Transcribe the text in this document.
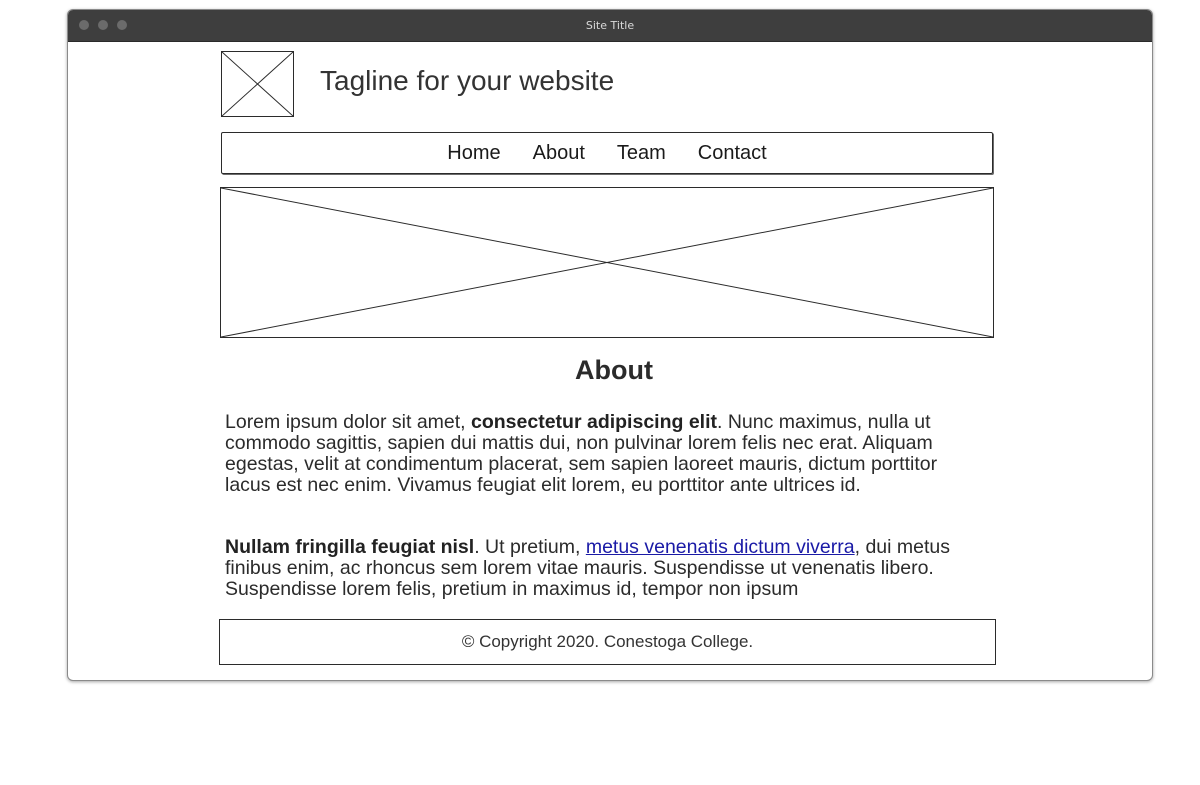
Site Title
Tagline for your website
Home About Team Contact
About

Lorem ipsum dolor sit amet, consectetur adipiscing elit. Nunc maximus, nulla ut commodo sagittis, sapien dui mattis dui, non pulvinar lorem felis nec erat. Aliquam egestas, velit at condimentum placerat, sem sapien laoreet mauris, dictum porttitor lacus est nec enim. Vivamus feugiat elit lorem, eu porttitor ante ultrices id.

Nullam fringilla feugiat nisl. Ut pretium, metus venenatis dictum viverra, dui metus finibus enim, ac rhoncus sem lorem vitae mauris. Suspendisse ut venenatis libero. Suspendisse lorem felis, pretium in maximus id, tempor non ipsum

© Copyright 2020. Conestoga College.
